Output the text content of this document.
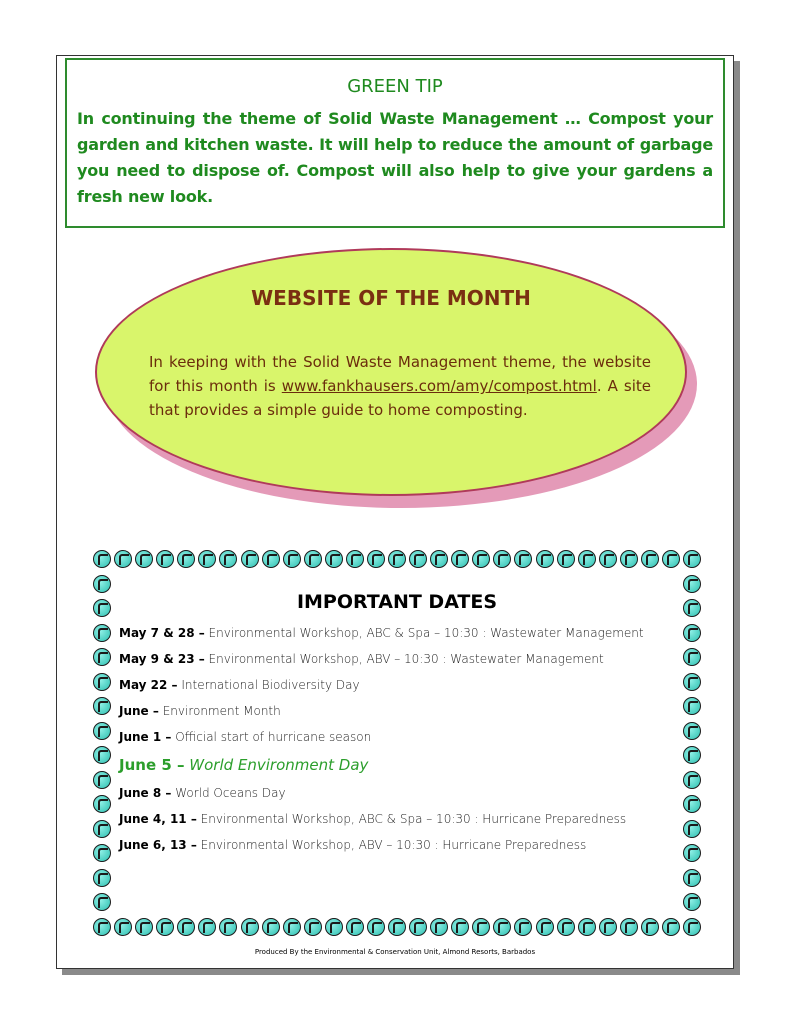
GREEN TIP
In continuing the theme of Solid Waste Management … Compost your garden and kitchen waste. It will help to reduce the amount of garbage you need to dispose of. Compost will also help to give your gardens a fresh new look.
WEBSITE OF THE MONTH
In keeping with the Solid Waste Management theme, the website for this month is www.fankhausers.com/amy/compost.html. A site that provides a simple guide to home composting.
IMPORTANT DATES
May 7 & 28 – Environmental Workshop, ABC & Spa – 10:30 : Wastewater Management
May 9 & 23 – Environmental Workshop, ABV – 10:30 : Wastewater Management
May 22 – International Biodiversity Day
June – Environment Month
June 1 – Official start of hurricane season
June 5 – World Environment Day
June 8 – World Oceans Day
June 4, 11 – Environmental Workshop, ABC & Spa – 10:30 : Hurricane Preparedness
June 6, 13 – Environmental Workshop, ABV – 10:30 : Hurricane Preparedness
Produced By the Environmental & Conservation Unit, Almond Resorts, Barbados
